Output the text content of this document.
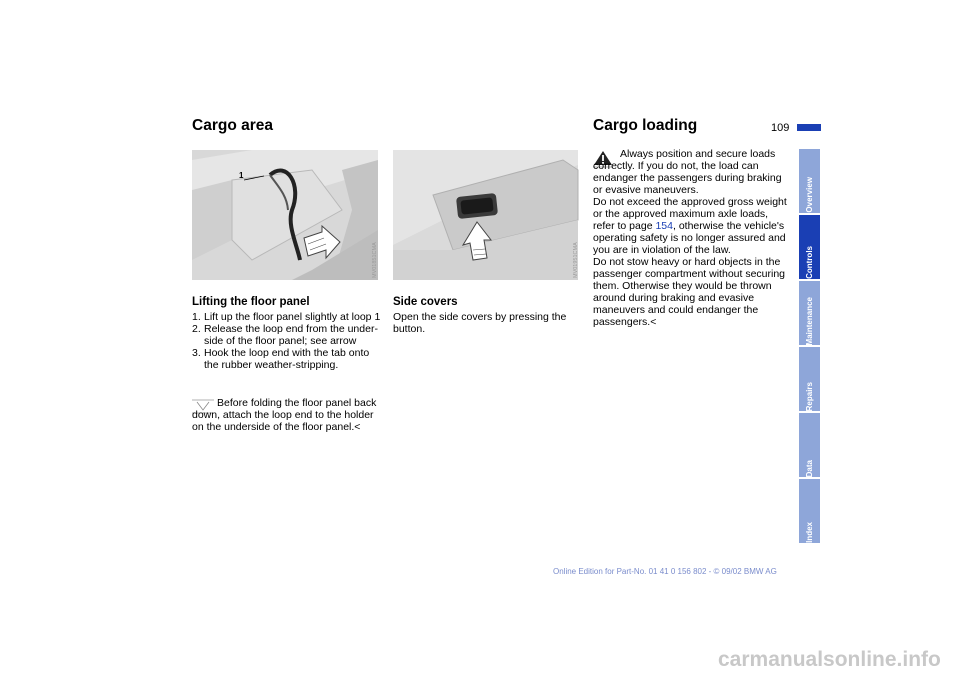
109
Cargo area	Cargo loading
1
MV01851CMA	MV01951CMA
Lifting the floor panel
1. Lift up the floor panel slightly at loop 1
2. Release the loop end from the under-side of the floor panel; see arrow
3. Hook the loop end with the tab onto the rubber weather-stripping.
Before folding the floor panel back down, attach the loop end to the holder on the underside of the floor panel.<
Side covers
Open the side covers by pressing the button.

Always position and secure loads correctly. If you do not, the load can endanger the passengers during braking or evasive maneuvers.

Do not exceed the approved gross weight or the approved maximum axle loads, refer to page 154, otherwise the vehicle's operating safety is no longer assured and you are in violation of the law.

Do not stow heavy or hard objects in the passenger compartment without securing them. Otherwise they would be thrown around during braking and evasive maneuvers and could endanger the passengers.<

Overview
Controls
Maintenance
Repairs
Data
Index
Online Edition for Part-No. 01 41 0 156 802 - © 09/02 BMW AG
carmanualsonline.info
